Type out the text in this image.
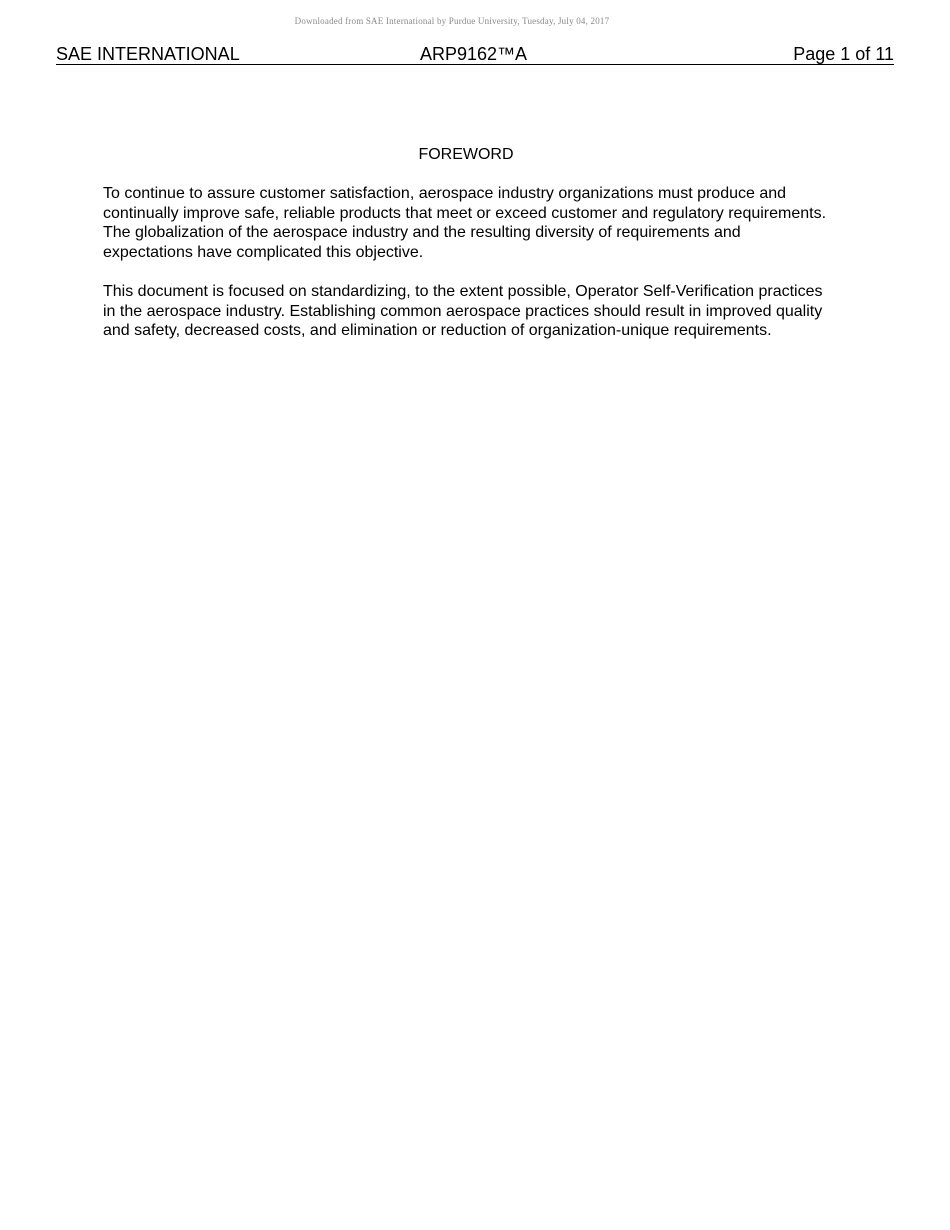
Downloaded from SAE International by Purdue University, Tuesday, July 04, 2017
SAE INTERNATIONAL	ARP9162™A	Page 1 of 11
FOREWORD

To continue to assure customer satisfaction, aerospace industry organizations must produce and continually improve safe, reliable products that meet or exceed customer and regulatory requirements. The globalization of the aerospace industry and the resulting diversity of requirements and expectations have complicated this objective.

This document is focused on standardizing, to the extent possible, Operator Self-Verification practices in the aerospace industry. Establishing common aerospace practices should result in improved quality and safety, decreased costs, and elimination or reduction of organization-unique requirements.
